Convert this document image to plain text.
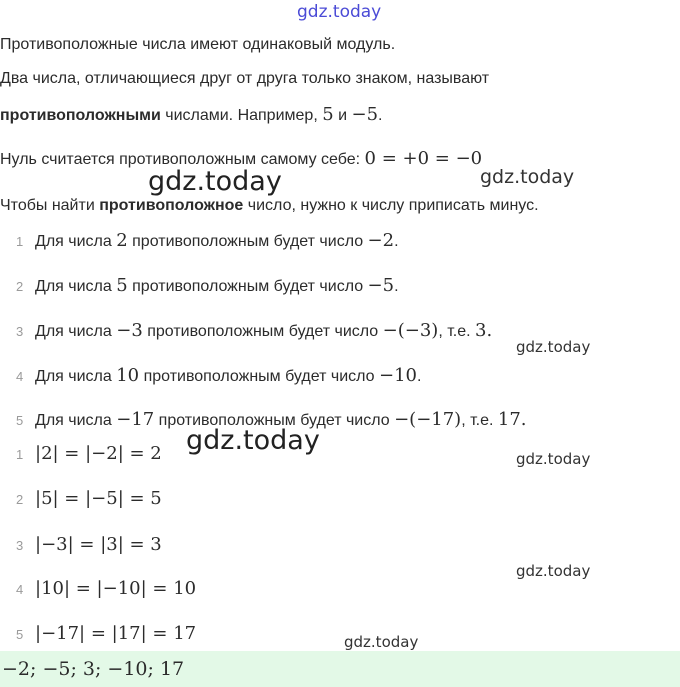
gdz.today
gdz.today	gdz.today
gdz.today
gdz.today
gdz.today
gdz.today
gdz.today
Противоположные числа имеют одинаковый модуль.
Два числа, отличающиеся друг от друга только знаком, называют
противоположными числами. Например, 5 и −5.
Нуль считается противоположным самому себе: 0 = +0 = −0
Чтобы найти противоположное число, нужно к числу приписать минус.
1 Для числа 2 противоположным будет число −2.
2 Для числа 5 противоположным будет число −5.
3 Для числа −3 противоположным будет число −(−3), т.е. 3.
4 Для числа 10 противоположным будет число −10.
5 Для числа −17 противоположным будет число −(−17), т.е. 17.
1 |2| = |−2| = 2
2 |5| = |−5| = 5
3 |−3| = |3| = 3
4 |10| = |−10| = 10
5 |−17| = |17| = 17
−2; −5; 3; −10; 17
